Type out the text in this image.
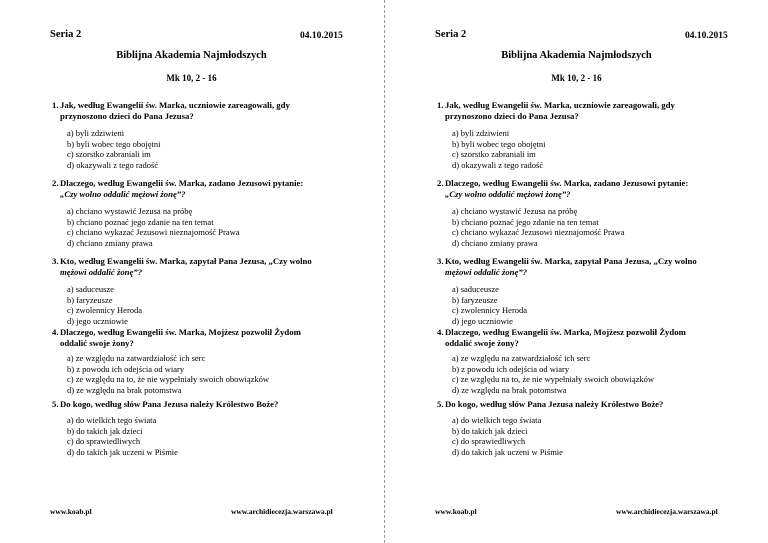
Seria 2	04.10.2015
Biblijna Akademia Najmłodszych
Mk 10, 2 - 16
1. Jak, według Ewangelii św. Marka, uczniowie zareagowali, gdy
przynoszono dzieci do Pana Jezusa?
a) byli zdziwieni
b) byli wobec tego obojętni
c) szorstko zabraniali im
d) okazywali z tego radość
2. Dlaczego, według Ewangelii św. Marka, zadano Jezusowi pytanie:
„Czy wolno oddalić mężowi żonę”?
a) chciano wystawić Jezusa na próbę
b) chciano poznać jego zdanie na ten temat
c) chciano wykazać Jezusowi nieznajomość Prawa
d) chciano zmiany prawa
3. Kto, według Ewangelii św. Marka, zapytał Pana Jezusa, „Czy wolno
mężowi oddalić żonę”?
a) saduceusze
b) faryzeusze
c) zwolennicy Heroda
d) jego uczniowie
4. Dlaczego, według Ewangelii św. Marka, Mojżesz pozwolił Żydom
oddalić swoje żony?
a) ze względu na zatwardziałość ich serc
b) z powodu ich odejścia od wiary
c) ze względu na to, że nie wypełniały swoich obowiązków
d) ze względu na brak potomstwa
5. Do kogo, według słów Pana Jezusa należy Królestwo Boże?
a) do wielkich tego świata
b) do takich jak dzieci
c) do sprawiedliwych
d) do takich jak uczeni w Piśmie
www.koab.pl	www.archidiecezja.warszawa.pl
Seria 2	04.10.2015
Biblijna Akademia Najmłodszych
Mk 10, 2 - 16
1. Jak, według Ewangelii św. Marka, uczniowie zareagowali, gdy
przynoszono dzieci do Pana Jezusa?
a) byli zdziwieni
b) byli wobec tego obojętni
c) szorstko zabraniali im
d) okazywali z tego radość
2. Dlaczego, według Ewangelii św. Marka, zadano Jezusowi pytanie:
„Czy wolno oddalić mężowi żonę”?
a) chciano wystawić Jezusa na próbę
b) chciano poznać jego zdanie na ten temat
c) chciano wykazać Jezusowi nieznajomość Prawa
d) chciano zmiany prawa
3. Kto, według Ewangelii św. Marka, zapytał Pana Jezusa, „Czy wolno
mężowi oddalić żonę”?
a) saduceusze
b) faryzeusze
c) zwolennicy Heroda
d) jego uczniowie
4. Dlaczego, według Ewangelii św. Marka, Mojżesz pozwolił Żydom
oddalić swoje żony?
a) ze względu na zatwardziałość ich serc
b) z powodu ich odejścia od wiary
c) ze względu na to, że nie wypełniały swoich obowiązków
d) ze względu na brak potomstwa
5. Do kogo, według słów Pana Jezusa należy Królestwo Boże?
a) do wielkich tego świata
b) do takich jak dzieci
c) do sprawiedliwych
d) do takich jak uczeni w Piśmie
www.koab.pl	www.archidiecezja.warszawa.pl
